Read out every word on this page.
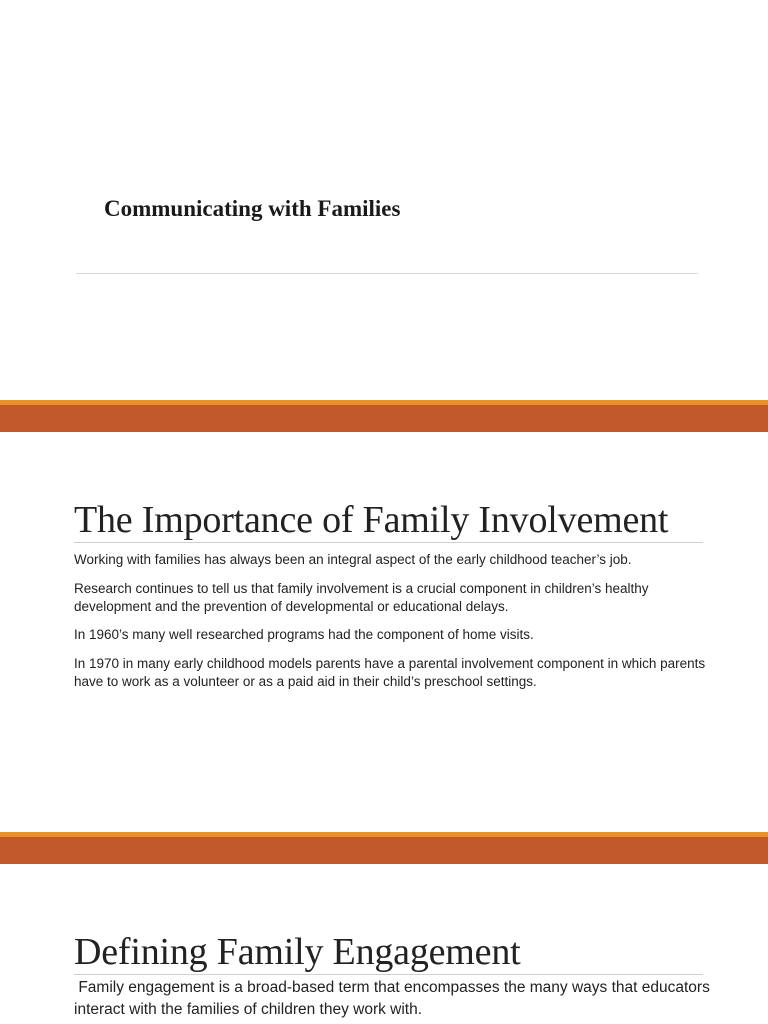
Communicating with Families
The Importance of Family Involvement
Working with families has always been an integral aspect of the early childhood teacher’s job.
Research continues to tell us that family involvement is a crucial component in children’s healthy development and the prevention of developmental or educational delays.
In 1960’s many well researched programs had the component of home visits.
In 1970 in many early childhood models parents have a parental involvement component in which parents have to work as a volunteer or as a paid aid in their child’s preschool settings.
Defining Family Engagement
Family engagement is a broad-based term that encompasses the many ways that educators interact with the families of children they work with.
